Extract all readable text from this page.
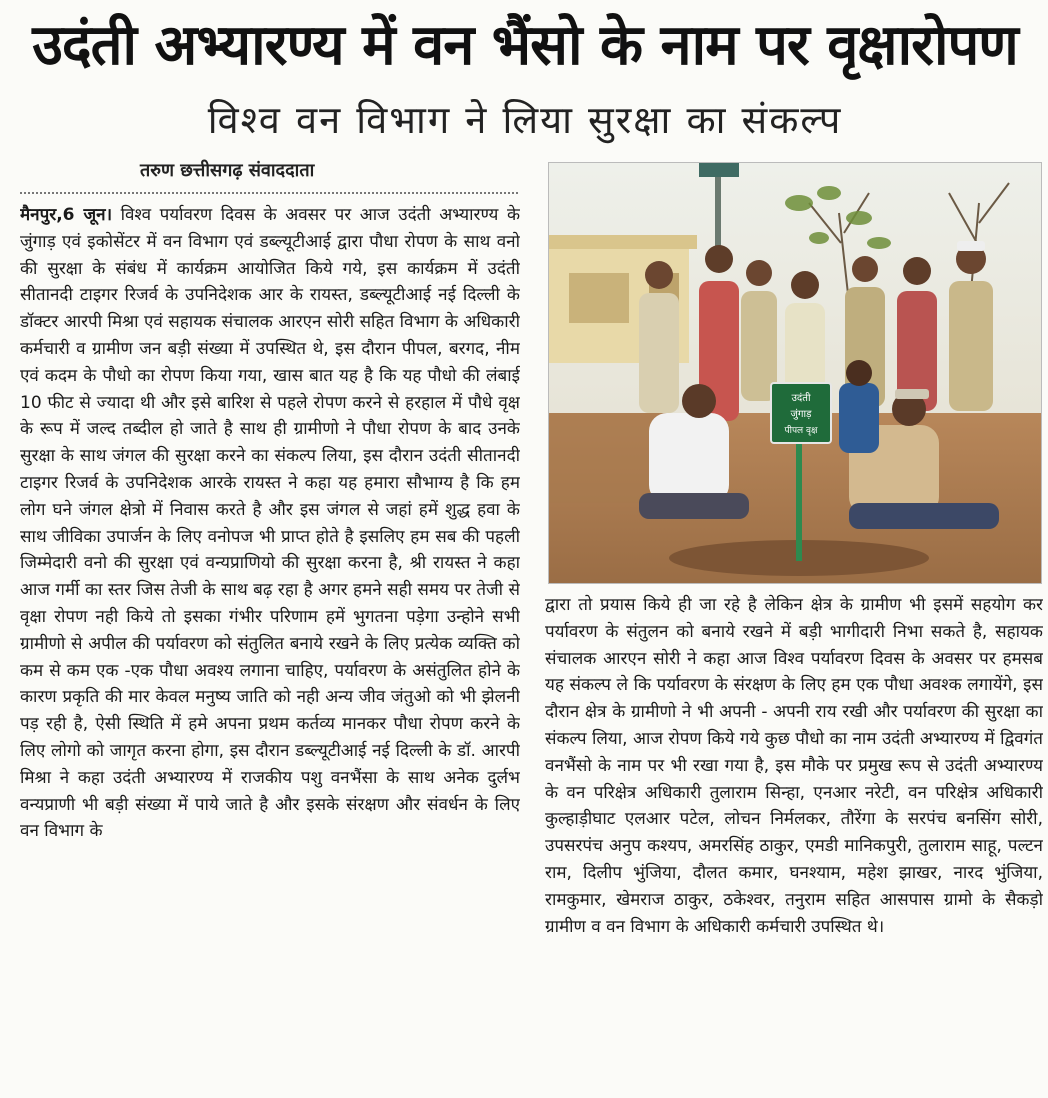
उदंती अभ्यारण्य में वन भैंसो के नाम पर वृक्षारोपण
विश्व वन विभाग ने लिया सुरक्षा का संकल्प
तरुण छत्तीसगढ़ संवाददाता
मैनपुर,6 जून। विश्व पर्यावरण दिवस के अवसर पर आज उदंती अभ्यारण्य के जुंगाड़ एवं इकोसेंटर में वन विभाग एवं डब्ल्यूटीआई द्वारा पौधा रोपण के साथ वनो की सुरक्षा के संबंध में कार्यक्रम आयोजित किये गये, इस कार्यक्रम में उदंती सीतानदी टाइगर रिजर्व के उपनिदेशक आर के रायस्त, डब्ल्यूटीआई नई दिल्ली के डॉक्टर आरपी मिश्रा एवं सहायक संचालक आरएन सोरी सहित विभाग के अधिकारी कर्मचारी व ग्रामीण जन बड़ी संख्या में उपस्थित थे, इस दौरान पीपल, बरगद, नीम एवं कदम के पौधो का रोपण किया गया, खास बात यह है कि यह पौधो की लंबाई 10 फीट से ज्यादा थी और इसे बारिश से पहले रोपण करने से हरहाल में पौधे वृक्ष के रूप में जल्द तब्दील हो जाते है साथ ही ग्रामीणो ने पौधा रोपण के बाद उनके सुरक्षा के साथ जंगल की सुरक्षा करने का संकल्प लिया, इस दौरान उदंती सीतानदी टाइगर रिजर्व के उपनिदेशक आरके रायस्त ने कहा यह हमारा सौभाग्य है कि हम लोग घने जंगल क्षेत्रो में निवास करते है और इस जंगल से जहां हमें शुद्ध हवा के साथ जीविका उपार्जन के लिए वनोपज भी प्राप्त होते है इसलिए हम सब की पहली जिम्मेदारी वनो की सुरक्षा एवं वन्यप्राणियो की सुरक्षा करना है, श्री रायस्त ने कहा आज गर्मी का स्तर जिस तेजी के साथ बढ़ रहा है अगर हमने सही समय पर तेजी से वृक्षा रोपण नही किये तो इसका गंभीर परिणाम हमें भुगतना पड़ेगा उन्होने सभी ग्रामीणो से अपील की पर्यावरण को संतुलित बनाये रखने के लिए प्रत्येक व्यक्ति को कम से कम एक -एक पौधा अवश्य लगाना चाहिए, पर्यावरण के असंतुलित होने के कारण प्रकृति की मार केवल मनुष्य जाति को नही अन्य जीव जंतुओ को भी झेलनी पड़ रही है, ऐसी स्थिति में हमे अपना प्रथम कर्तव्य मानकर पौधा रोपण करने के लिए लोगो को जागृत करना होगा, इस दौरान डब्ल्यूटीआई नई दिल्ली के डॉ. आरपी मिश्रा ने कहा उदंती अभ्यारण्य में राजकीय पशु वनभैंसा के साथ अनेक दुर्लभ वन्यप्राणी भी बड़ी संख्या में पाये जाते है और इसके संरक्षण और संवर्धन के लिए वन विभाग के
उदंती
जुंगाड़
पीपल वृक्ष
द्वारा तो प्रयास किये ही जा रहे है लेकिन क्षेत्र के ग्रामीण भी इसमें सहयोग कर पर्यावरण के संतुलन को बनाये रखने में बड़ी भागीदारी निभा सकते है, सहायक संचालक आरएन सोरी ने कहा आज विश्व पर्यावरण दिवस के अवसर पर हमसब यह संकल्प ले कि पर्यावरण के संरक्षण के लिए हम एक पौधा अवश्क लगायेंगे, इस दौरान क्षेत्र के ग्रामीणो ने भी अपनी - अपनी राय रखी और पर्यावरण की सुरक्षा का संकल्प लिया, आज रोपण किये गये कुछ पौधो का नाम उदंती अभ्यारण्य में द्विवगंत वनभैंसो के नाम पर भी रखा गया है, इस मौके पर प्रमुख रूप से उदंती अभ्यारण्य के वन परिक्षेत्र अधिकारी तुलाराम सिन्हा, एनआर नरेटी, वन परिक्षेत्र अधिकारी कुल्हाड़ीघाट एलआर पटेल, लोचन निर्मलकर, तौरेंगा के सरपंच बनसिंग सोरी, उपसरपंच अनुप कश्यप, अमरसिंह ठाकुर, एमडी मानिकपुरी, तुलाराम साहू, पल्टन राम, दिलीप भुंजिया, दौलत कमार, घनश्याम, महेश झाखर, नारद भुंजिया, रामकुमार, खेमराज ठाकुर, ठकेश्वर, तनुराम सहित आसपास ग्रामो के सैकड़ो ग्रामीण व वन विभाग के अधिकारी कर्मचारी उपस्थित थे।
